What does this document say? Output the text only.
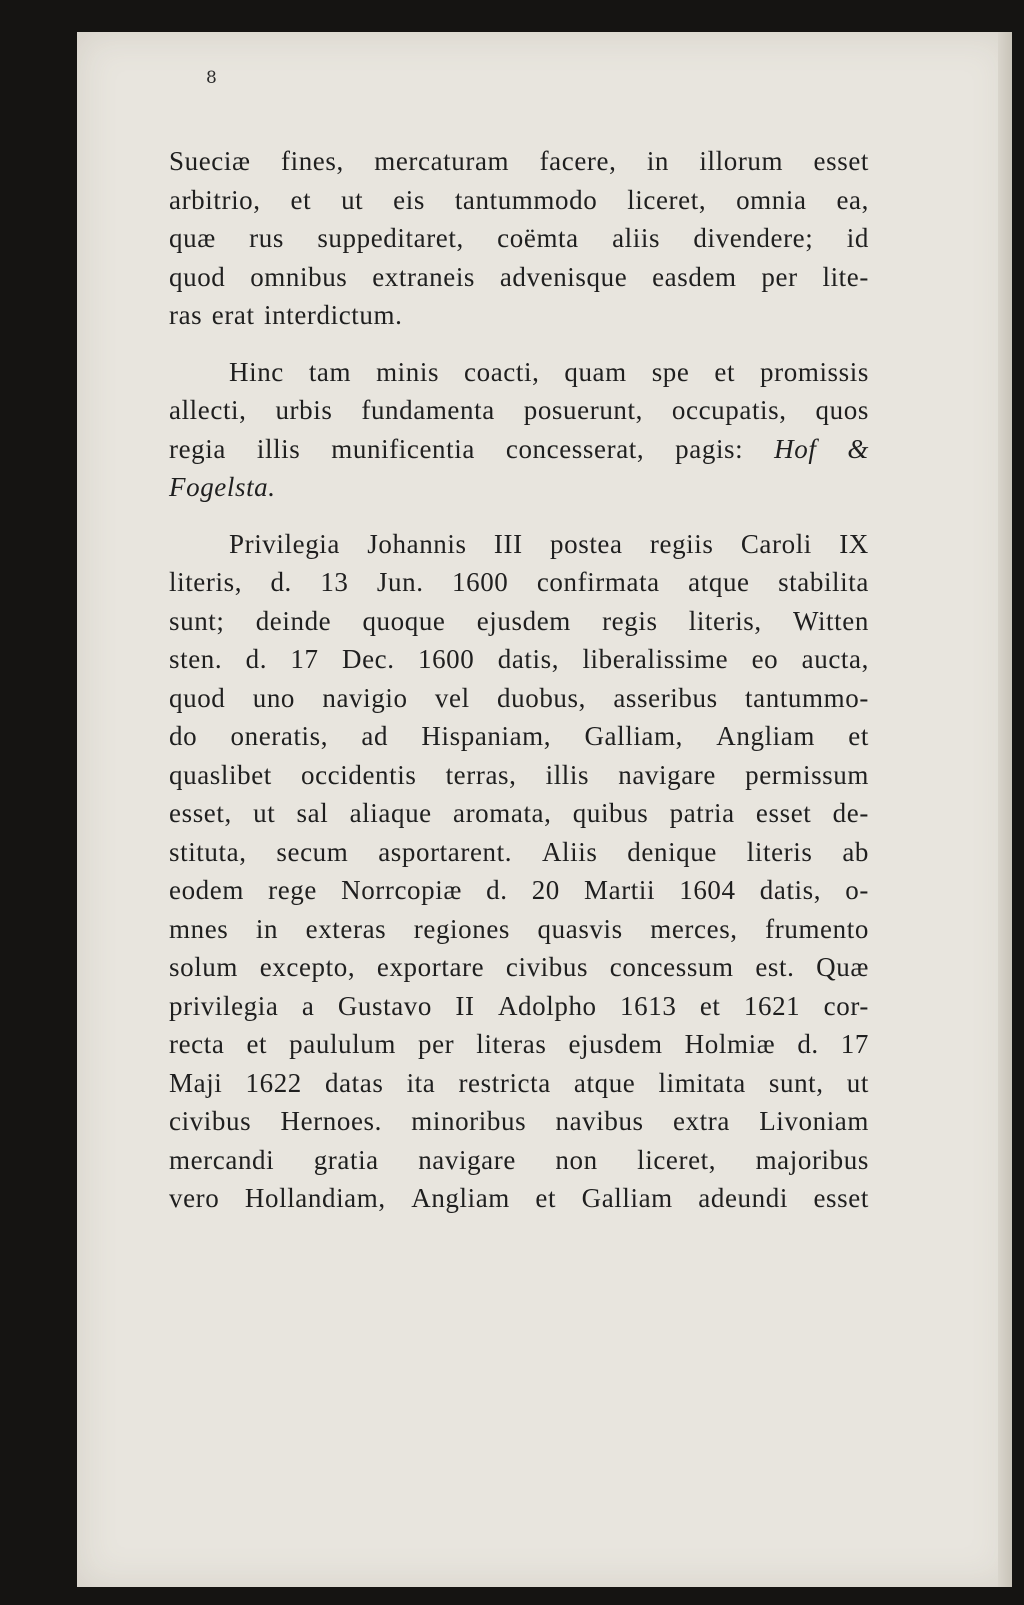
8
Sueciæ fines, mercaturam facere, in illorum esset
arbitrio, et ut eis tantummodo liceret, omnia ea,
quæ rus suppeditaret, coëmta aliis divendere; id
quod omnibus extraneis advenisque easdem per lite-
ras erat interdictum.
Hinc tam minis coacti, quam spe et promissis
allecti, urbis fundamenta posuerunt, occupatis, quos
regia illis munificentia concesserat, pagis: Hof &
Fogelsta.
Privilegia Johannis III postea regiis Caroli IX
literis, d. 13 Jun. 1600 confirmata atque stabilita
sunt; deinde quoque ejusdem regis literis, Witten
sten. d. 17 Dec. 1600 datis, liberalissime eo aucta,
quod uno navigio vel duobus, asseribus tantummo-
do oneratis, ad Hispaniam, Galliam, Angliam et
quaslibet occidentis terras, illis navigare permissum
esset, ut sal aliaque aromata, quibus patria esset de-
stituta, secum asportarent. Aliis denique literis ab
eodem rege Norrcopiæ d. 20 Martii 1604 datis, o-
mnes in exteras regiones quasvis merces, frumento
solum excepto, exportare civibus concessum est. Quæ
privilegia a Gustavo II Adolpho 1613 et 1621 cor-
recta et paululum per literas ejusdem Holmiæ d. 17
Maji 1622 datas ita restricta atque limitata sunt, ut
civibus Hernoes. minoribus navibus extra Livoniam
mercandi gratia navigare non liceret, majoribus
vero Hollandiam, Angliam et Galliam adeundi esset
